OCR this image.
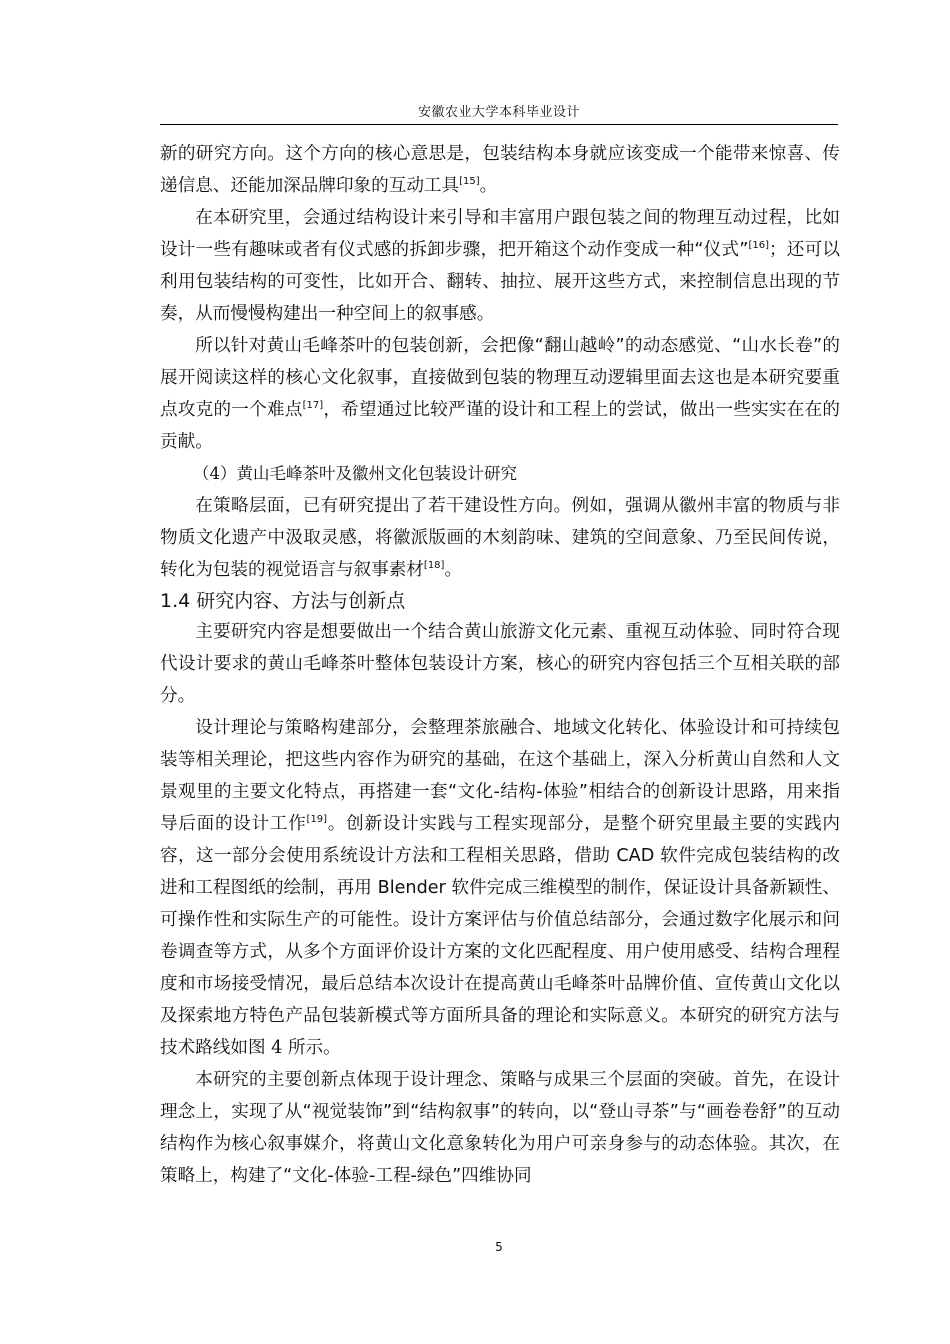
安徽农业大学本科毕业设计

新的研究方向。这个方向的核心意思是，包装结构本身就应该变成一个能带来惊喜、传递信息、还能加深品牌印象的互动工具[15]。

在本研究里，会通过结构设计来引导和丰富用户跟包装之间的物理互动过程，比如设计一些有趣味或者有仪式感的拆卸步骤，把开箱这个动作变成一种“仪式”[16]；还可以利用包装结构的可变性，比如开合、翻转、抽拉、展开这些方式，来控制信息出现的节奏，从而慢慢构建出一种空间上的叙事感。

所以针对黄山毛峰茶叶的包装创新，会把像“翻山越岭”的动态感觉、“山水长卷”的展开阅读这样的核心文化叙事，直接做到包装的物理互动逻辑里面去这也是本研究要重点攻克的一个难点[17]，希望通过比较严谨的设计和工程上的尝试，做出一些实实在在的贡献。

（4）黄山毛峰茶叶及徽州文化包装设计研究

在策略层面，已有研究提出了若干建设性方向。例如，强调从徽州丰富的物质与非物质文化遗产中汲取灵感，将徽派版画的木刻韵味、建筑的空间意象、乃至民间传说，转化为包装的视觉语言与叙事素材[18]。

1.4 研究内容、方法与创新点

主要研究内容是想要做出一个结合黄山旅游文化元素、重视互动体验、同时符合现代设计要求的黄山毛峰茶叶整体包装设计方案，核心的研究内容包括三个互相关联的部分。

设计理论与策略构建部分，会整理茶旅融合、地域文化转化、体验设计和可持续包装等相关理论，把这些内容作为研究的基础，在这个基础上，深入分析黄山自然和人文景观里的主要文化特点，再搭建一套“文化-结构-体验”相结合的创新设计思路，用来指导后面的设计工作[19]。创新设计实践与工程实现部分，是整个研究里最主要的实践内容，这一部分会使用系统设计方法和工程相关思路，借助 CAD 软件完成包装结构的改进和工程图纸的绘制，再用 Blender 软件完成三维模型的制作，保证设计具备新颖性、可操作性和实际生产的可能性。设计方案评估与价值总结部分，会通过数字化展示和问卷调查等方式，从多个方面评价设计方案的文化匹配程度、用户使用感受、结构合理程度和市场接受情况，最后总结本次设计在提高黄山毛峰茶叶品牌价值、宣传黄山文化以及探索地方特色产品包装新模式等方面所具备的理论和实际意义。本研究的研究方法与技术路线如图 4 所示。

本研究的主要创新点体现于设计理念、策略与成果三个层面的突破。首先，在设计理念上，实现了从“视觉装饰”到“结构叙事”的转向，以“登山寻茶”与“画卷卷舒”的互动结构作为核心叙事媒介，将黄山文化意象转化为用户可亲身参与的动态体验。其次，在策略上，构建了“文化-体验-工程-绿色”四维协同

5
